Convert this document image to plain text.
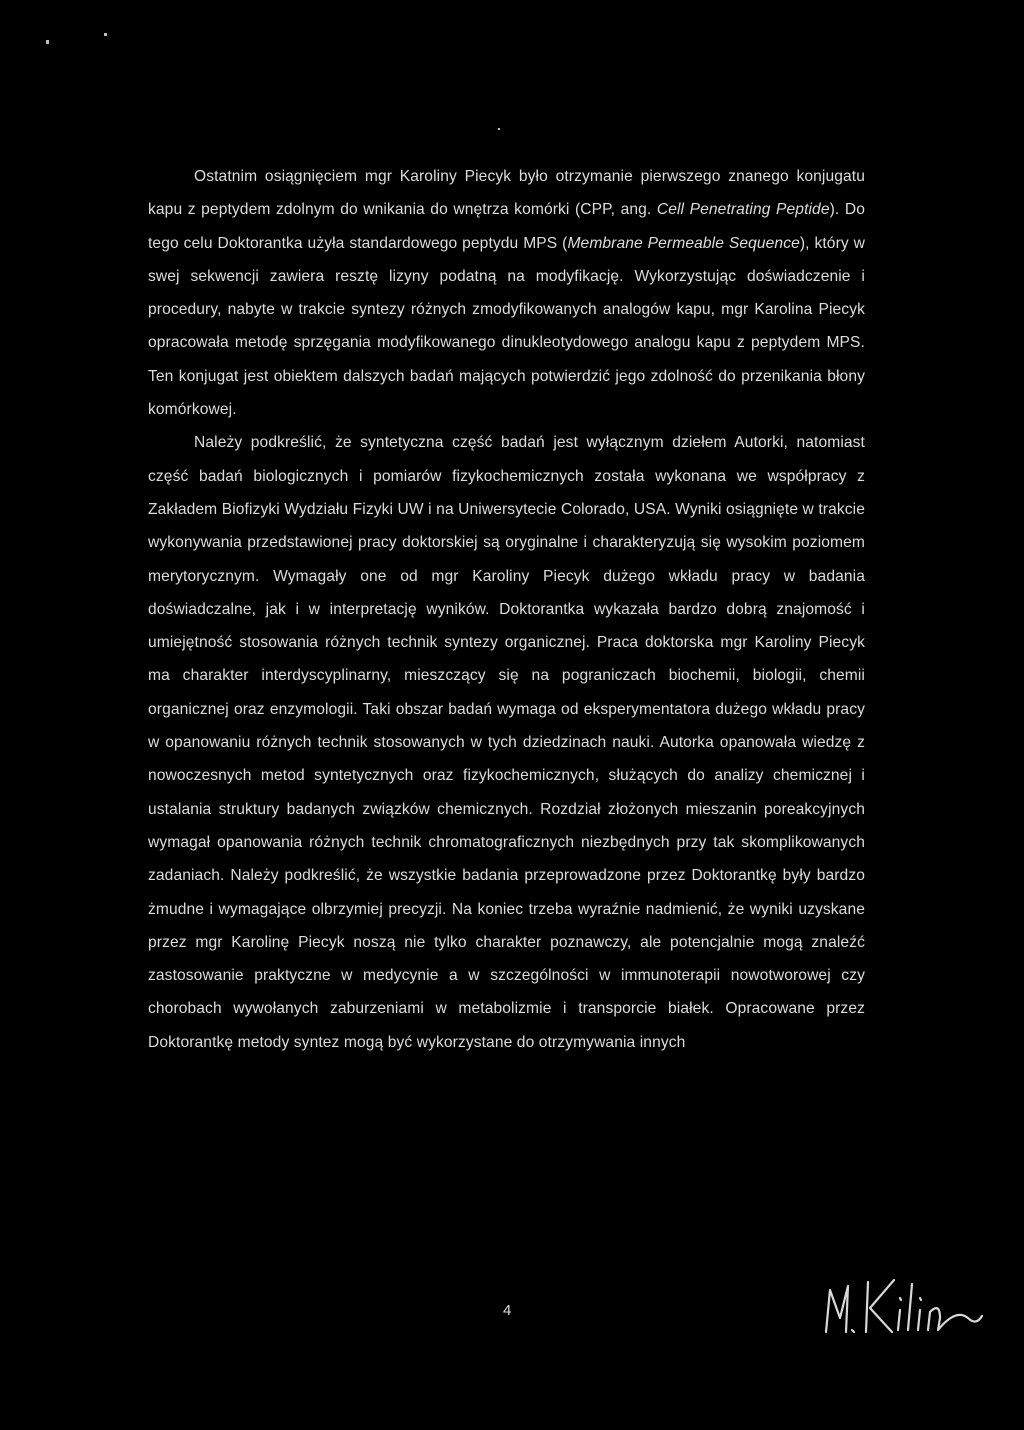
Ostatnim osiągnięciem mgr Karoliny Piecyk było otrzymanie pierwszego znanego konjugatu kapu z peptydem zdolnym do wnikania do wnętrza komórki (CPP, ang. Cell Penetrating Peptide). Do tego celu Doktorantka użyła standardowego peptydu MPS (Membrane Permeable Sequence), który w swej sekwencji zawiera resztę lizyny podatną na modyfikację. Wykorzystując doświadczenie i procedury, nabyte w trakcie syntezy różnych zmodyfikowanych analogów kapu, mgr Karolina Piecyk opracowała metodę sprzęgania modyfikowanego dinukleotydowego analogu kapu z peptydem MPS. Ten konjugat jest obiektem dalszych badań mających potwierdzić jego zdolność do przenikania błony komórkowej.

Należy podkreślić, że syntetyczna część badań jest wyłącznym dziełem Autorki, natomiast część badań biologicznych i pomiarów fizykochemicznych została wykonana we współpracy z Zakładem Biofizyki Wydziału Fizyki UW i na Uniwersytecie Colorado, USA. Wyniki osiągnięte w trakcie wykonywania przedstawionej pracy doktorskiej są oryginalne i charakteryzują się wysokim poziomem merytorycznym. Wymagały one od mgr Karoliny Piecyk dużego wkładu pracy w badania doświadczalne, jak i w interpretację wyników. Doktorantka wykazała bardzo dobrą znajomość i umiejętność stosowania różnych technik syntezy organicznej. Praca doktorska mgr Karoliny Piecyk ma charakter interdyscyplinarny, mieszczący się na pograniczach biochemii, biologii, chemii organicznej oraz enzymologii. Taki obszar badań wymaga od eksperymentatora dużego wkładu pracy w opanowaniu różnych technik stosowanych w tych dziedzinach nauki. Autorka opanowała wiedzę z nowoczesnych metod syntetycznych oraz fizykochemicznych, służących do analizy chemicznej i ustalania struktury badanych związków chemicznych. Rozdział złożonych mieszanin poreakcyjnych wymagał opanowania różnych technik chromatograficznych niezbędnych przy tak skomplikowanych zadaniach. Należy podkreślić, że wszystkie badania przeprowadzone przez Doktorantkę były bardzo żmudne i wymagające olbrzymiej precyzji. Na koniec trzeba wyraźnie nadmienić, że wyniki uzyskane przez mgr Karolinę Piecyk noszą nie tylko charakter poznawczy, ale potencjalnie mogą znaleźć zastosowanie praktyczne w medycynie a w szczególności w immunoterapii nowotworowej czy chorobach wywołanych zaburzeniami w metabolizmie i transporcie białek. Opracowane przez Doktorantkę metody syntez mogą być wykorzystane do otrzymywania innych

4
